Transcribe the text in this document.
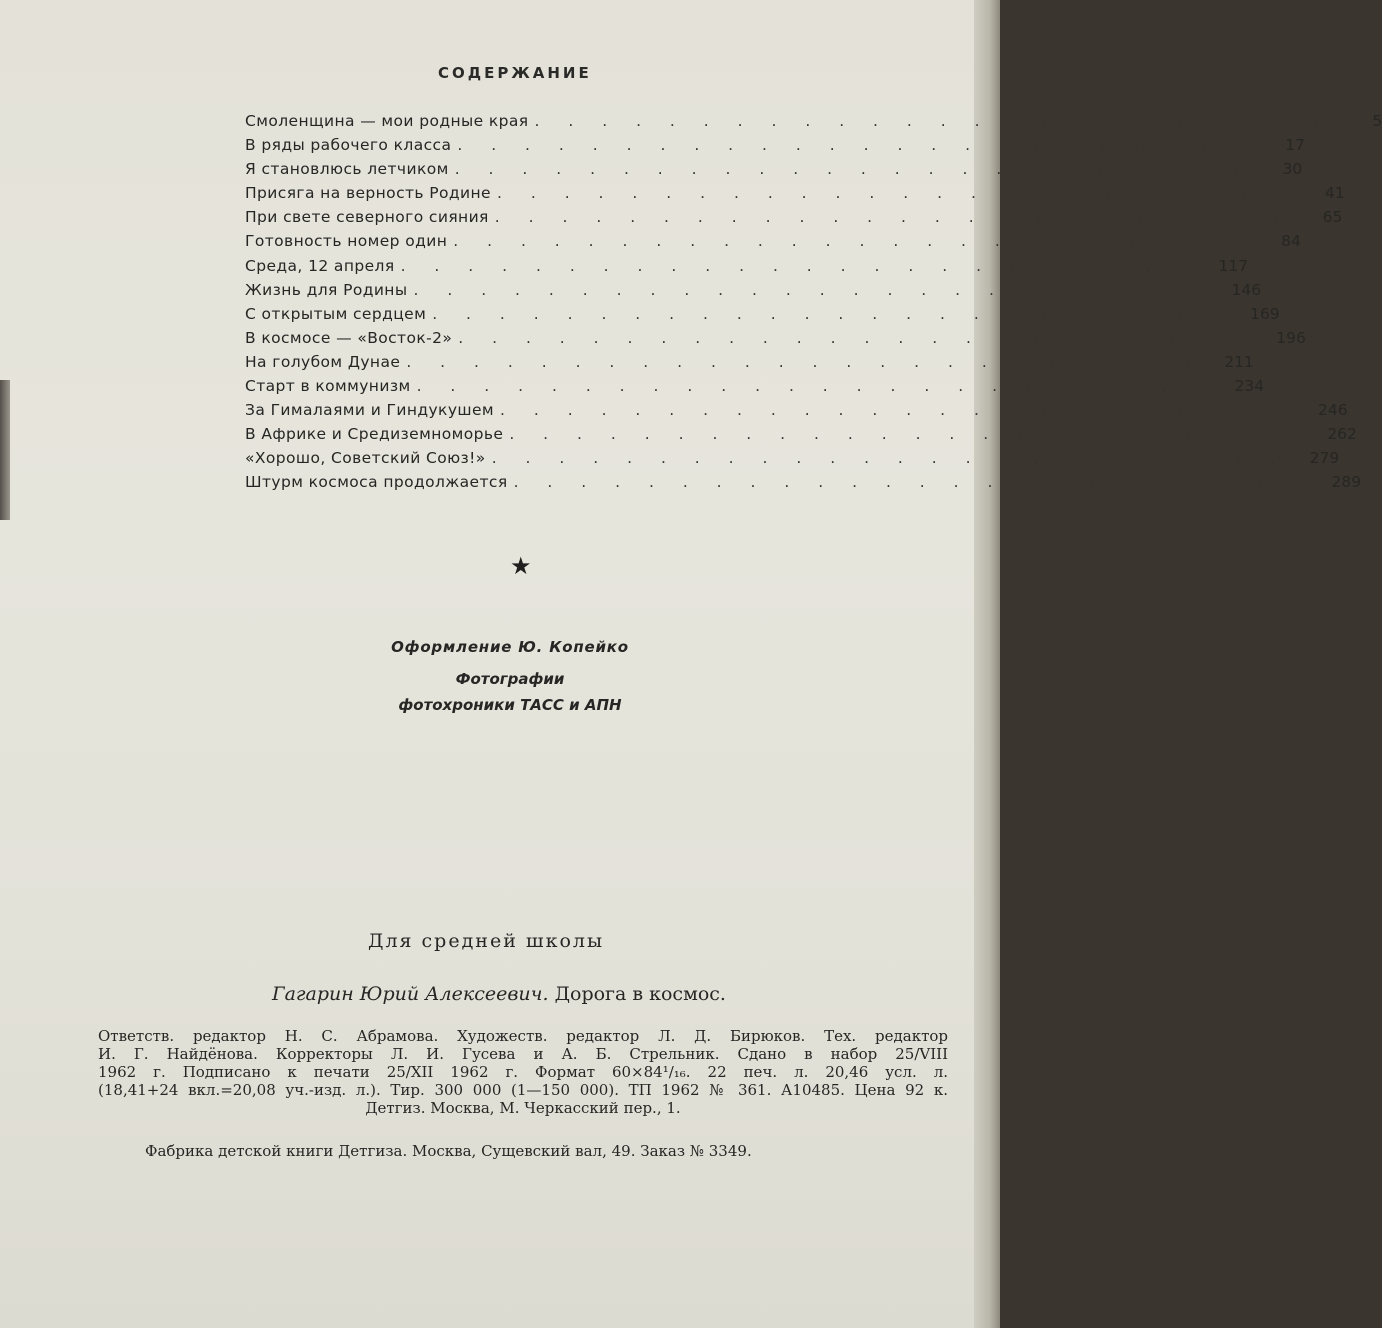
СОДЕРЖАНИЕ
Смоленщина — мои родные края . . . . . . . . . . . . . . . . . . . . . . . .	5
В ряды рабочего класса . . . . . . . . . . . . . . . . . . . . . . . .	17
Я становлюсь летчиком . . . . . . . . . . . . . . . . . . . . . . . .	30
Присяга на верность Родине . . . . . . . . . . . . . . . . . . . . . . . .	41
При свете северного сияния . . . . . . . . . . . . . . . . . . . . . . . .	65
Готовность номер один . . . . . . . . . . . . . . . . . . . . . . . .	84
Среда, 12 апреля . . . . . . . . . . . . . . . . . . . . . . . .	117
Жизнь для Родины . . . . . . . . . . . . . . . . . . . . . . . .	146
С открытым сердцем . . . . . . . . . . . . . . . . . . . . . . . .	169
В космосе — «Восток-2» . . . . . . . . . . . . . . . . . . . . . . . .	196
На голубом Дунае . . . . . . . . . . . . . . . . . . . . . . . .	211
Старт в коммунизм . . . . . . . . . . . . . . . . . . . . . . . .	234
За Гималаями и Гиндукушем . . . . . . . . . . . . . . . . . . . . . . . .	246
В Африке и Средиземноморье . . . . . . . . . . . . . . . . . . . . . . . .	262
«Хорошо, Советский Союз!» . . . . . . . . . . . . . . . . . . . . . . . .	279
Штурм космоса продолжается . . . . . . . . . . . . . . . . . . . . . . . .	289
★
Оформление Ю. Копейко
Фотографии
фотохроники ТАСС и АПН
Для средней школы
Гагарин Юрий Алексеевич. Дорога в космос.
Ответств. редактор Н. С. Абрамова. Художеств. редактор Л. Д. Бирюков. Тех. редактор
И. Г. Найдёнова. Корректоры Л. И. Гусева и А. Б. Стрельник. Сдано в набор 25/VIII
1962 г. Подписано к печати 25/XII 1962 г. Формат 60×84¹/₁₆. 22 печ. л. 20,46 усл. л.
(18,41+24 вкл.=20,08 уч.-изд. л.). Тир. 300 000 (1—150 000). ТП 1962 № 361. А10485. Цена 92 к.
Детгиз. Москва, М. Черкасский пер., 1.
Фабрика детской книги Детгиза. Москва, Сущевский вал, 49. Заказ № 3349.
